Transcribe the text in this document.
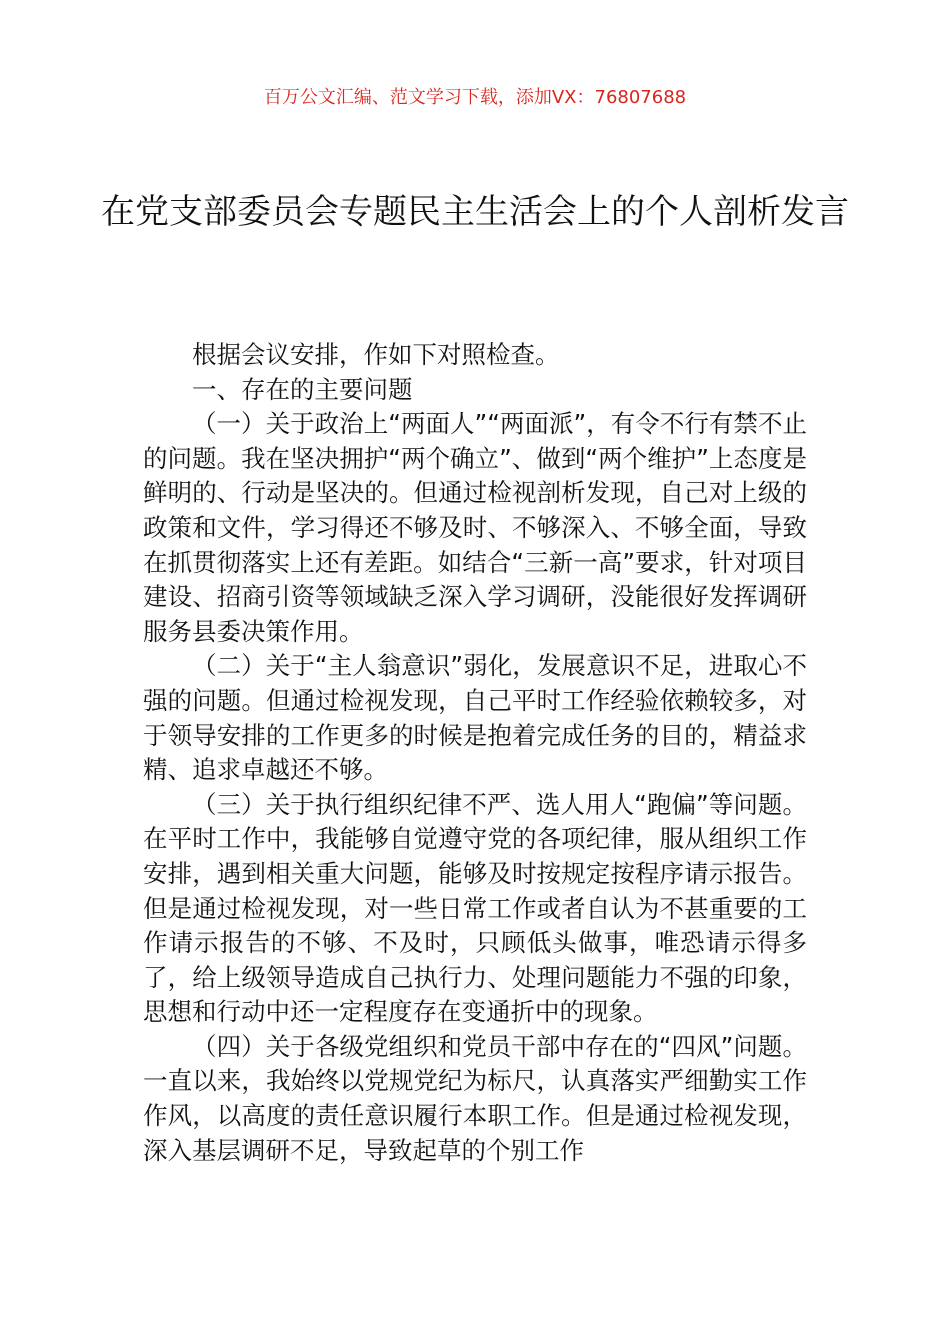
百万公文汇编、范文学习下载，添加VX：76807688
在党支部委员会专题民主生活会上的个人剖析发言

根据会议安排，作如下对照检查。

一、存在的主要问题

（一）关于政治上“两面人”“两面派”，有令不行有禁不止的问题。我在坚决拥护“两个确立”、做到“两个维护”上态度是鲜明的、行动是坚决的。但通过检视剖析发现，自己对上级的政策和文件，学习得还不够及时、不够深入、不够全面，导致在抓贯彻落实上还有差距。如结合“三新一高”要求，针对项目建设、招商引资等领域缺乏深入学习调研，没能很好发挥调研服务县委决策作用。

（二）关于“主人翁意识”弱化，发展意识不足，进取心不强的问题。但通过检视发现，自己平时工作经验依赖较多，对于领导安排的工作更多的时候是抱着完成任务的目的，精益求精、追求卓越还不够。

（三）关于执行组织纪律不严、选人用人“跑偏”等问题。在平时工作中，我能够自觉遵守党的各项纪律，服从组织工作安排，遇到相关重大问题，能够及时按规定按程序请示报告。但是通过检视发现，对一些日常工作或者自认为不甚重要的工作请示报告的不够、不及时，只顾低头做事，唯恐请示得多了，给上级领导造成自己执行力、处理问题能力不强的印象，思想和行动中还一定程度存在变通折中的现象。

（四）关于各级党组织和党员干部中存在的“四风”问题。一直以来，我始终以党规党纪为标尺，认真落实严细勤实工作作风，以高度的责任意识履行本职工作。但是通过检视发现，深入基层调研不足，导致起草的个别工作
